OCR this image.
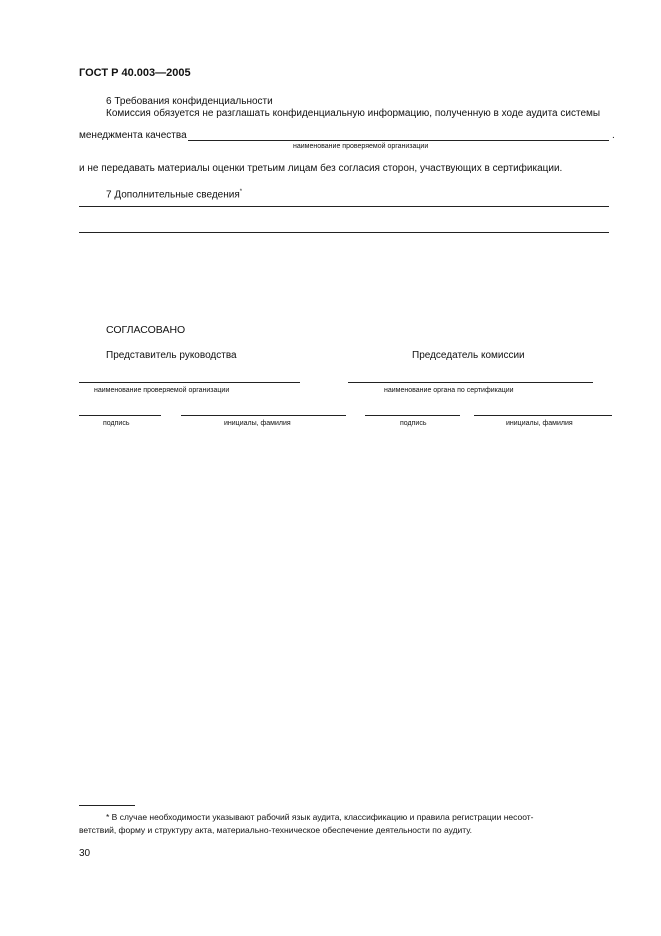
ГОСТ Р 40.003—2005
6 Требования конфиденциальности
Комиссия обязуется не разглашать конфиденциальную информацию, полученную в ходе аудита системы
менеджмента качества	.
наименование проверяемой организации
и не передавать материалы оценки третьим лицам без согласия сторон, участвующих в сертификации.
7 Дополнительные сведения*
СОГЛАСОВАНО
Представитель руководства	Председатель комиссии
наименование проверяемой организации	наименование органа по сертификации
подпись	инициалы, фамилия	подпись	инициалы, фамилия
* В случае необходимости указывают рабочий язык аудита, классификацию и правила регистрации несоот-
ветствий, форму и структуру акта, материально-техническое обеспечение деятельности по аудиту.
30
